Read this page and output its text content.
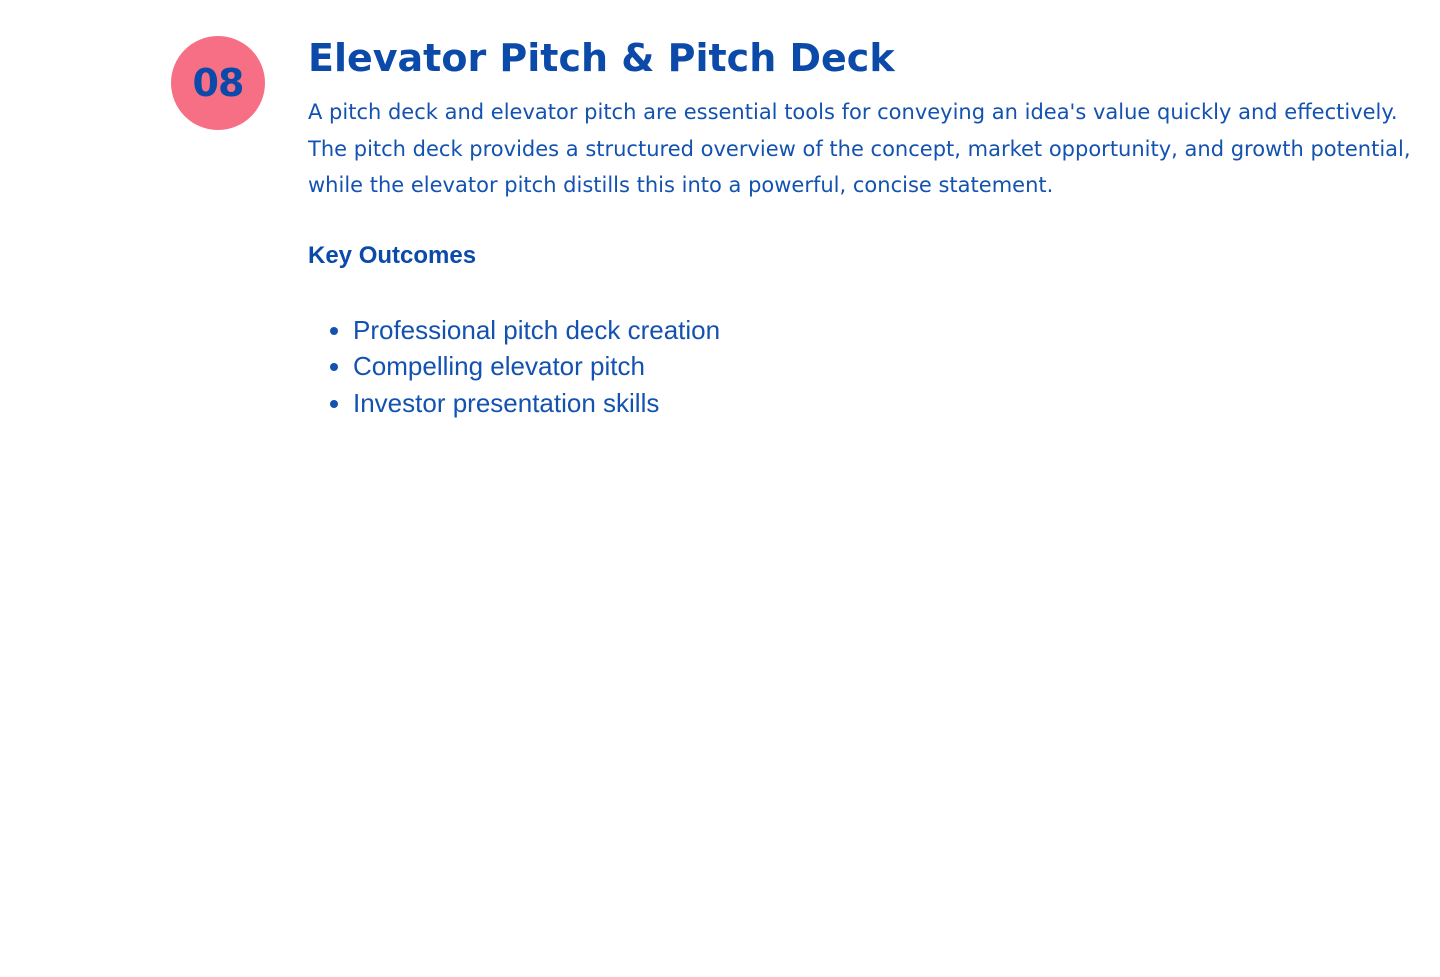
08
Elevator Pitch & Pitch Deck

A pitch deck and elevator pitch are essential tools for conveying an idea's value quickly and effectively. The pitch deck provides a structured overview of the concept, market opportunity, and growth potential, while the elevator pitch distills this into a powerful, concise statement.

Key Outcomes
• Professional pitch deck creation
• Compelling elevator pitch
• Investor presentation skills
